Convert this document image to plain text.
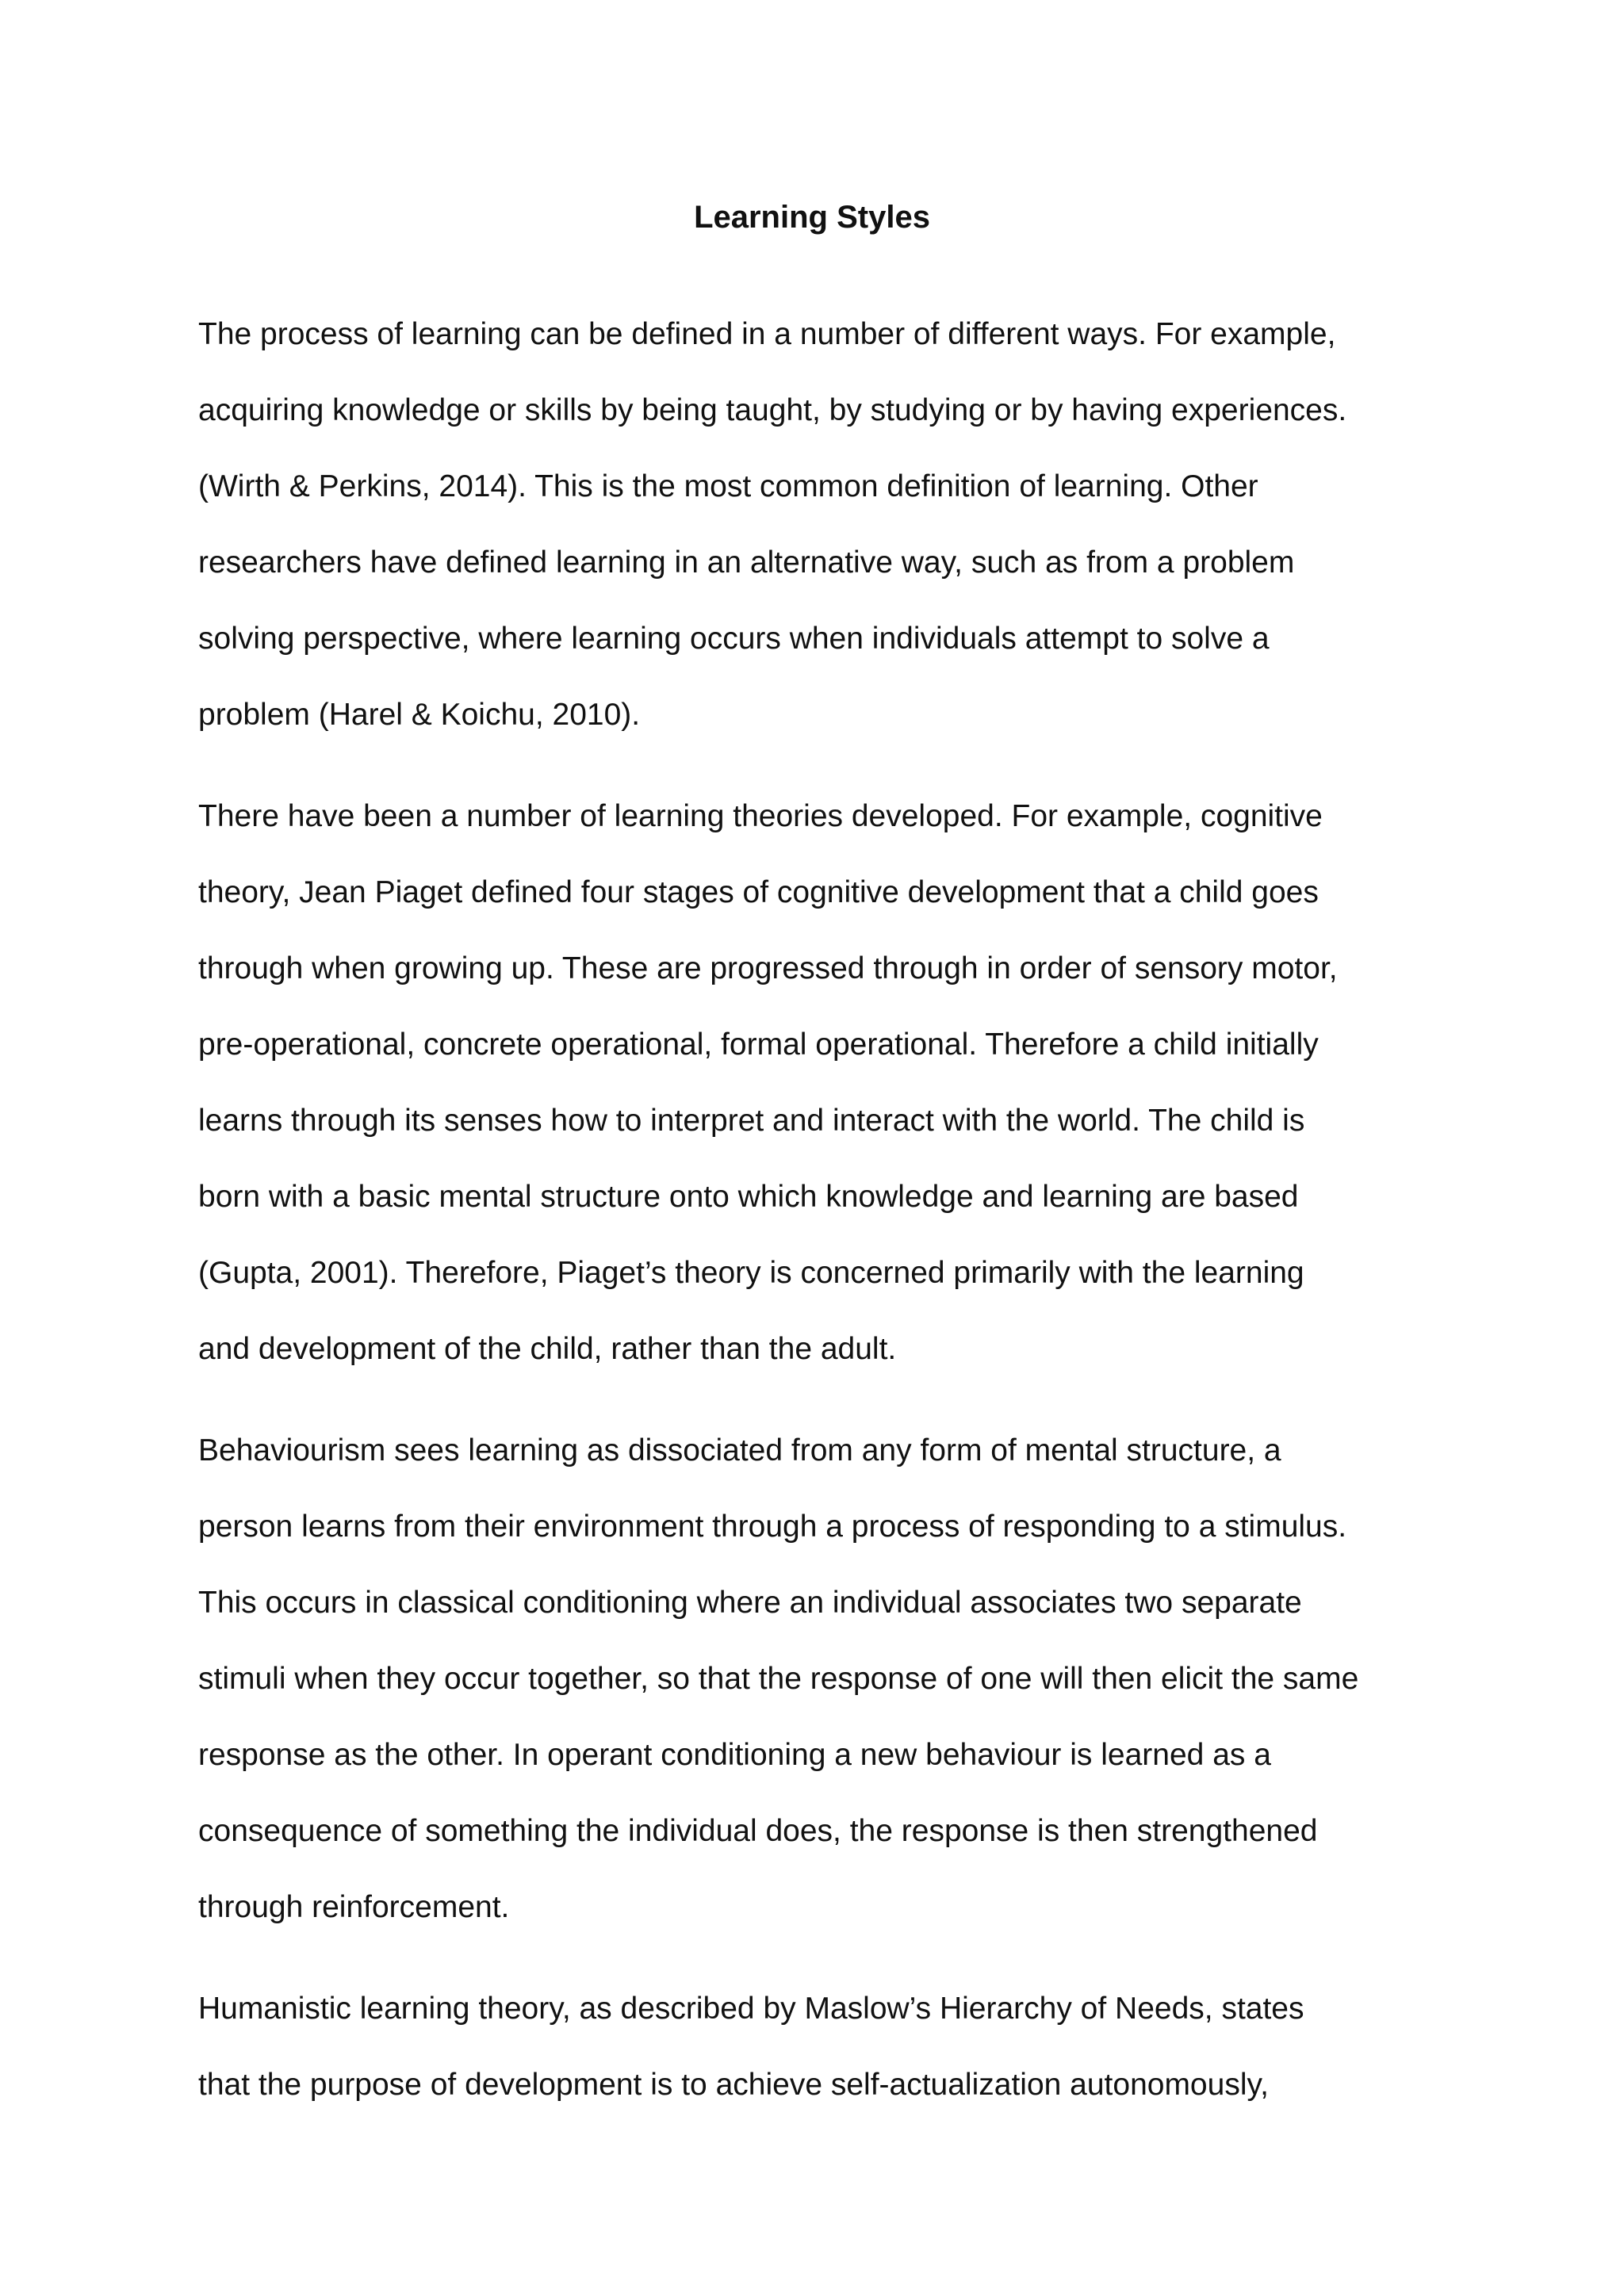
Learning Styles

The process of learning can be defined in a number of different ways. For example,
acquiring knowledge or skills by being taught, by studying or by having experiences.
(Wirth & Perkins, 2014). This is the most common definition of learning. Other
researchers have defined learning in an alternative way, such as from a problem
solving perspective, where learning occurs when individuals attempt to solve a
problem (Harel & Koichu, 2010).

There have been a number of learning theories developed. For example, cognitive
theory, Jean Piaget defined four stages of cognitive development that a child goes
through when growing up. These are progressed through in order of sensory motor,
pre-operational, concrete operational, formal operational. Therefore a child initially
learns through its senses how to interpret and interact with the world. The child is
born with a basic mental structure onto which knowledge and learning are based
(Gupta, 2001). Therefore, Piaget’s theory is concerned primarily with the learning
and development of the child, rather than the adult.

Behaviourism sees learning as dissociated from any form of mental structure, a
person learns from their environment through a process of responding to a stimulus.
This occurs in classical conditioning where an individual associates two separate
stimuli when they occur together, so that the response of one will then elicit the same
response as the other. In operant conditioning a new behaviour is learned as a
consequence of something the individual does, the response is then strengthened
through reinforcement.

Humanistic learning theory, as described by Maslow’s Hierarchy of Needs, states
that the purpose of development is to achieve self-actualization autonomously,
